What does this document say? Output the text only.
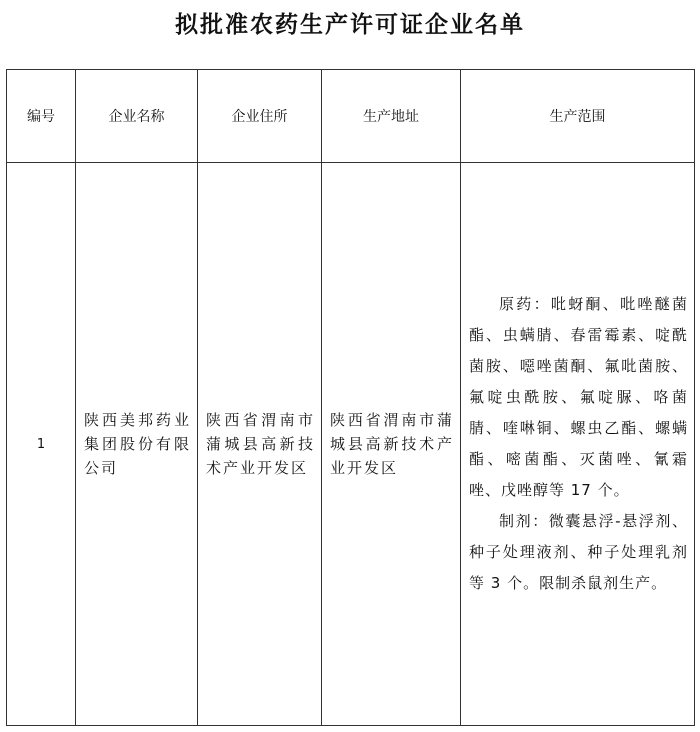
拟批准农药生产许可证企业名单
编号	企业名称	企业住所	生产地址	生产范围
1	陕西美邦药业集团股份有限公司	陕西省渭南市蒲城县高新技术产业开发区	陕西省渭南市蒲城县高新技术产业开发区	原药：吡蚜酮、吡唑醚菌酯、虫螨腈、春雷霉素、啶酰菌胺、噁唑菌酮、氟吡菌胺、氟啶虫酰胺、氟啶脲、咯菌腈、喹啉铜、螺虫乙酯、螺螨酯、嘧菌酯、灭菌唑、氰霜唑、戊唑醇等 17 个。

制剂：微囊悬浮-悬浮剂、种子处理液剂、种子处理乳剂等 3 个。限制杀鼠剂生产。
